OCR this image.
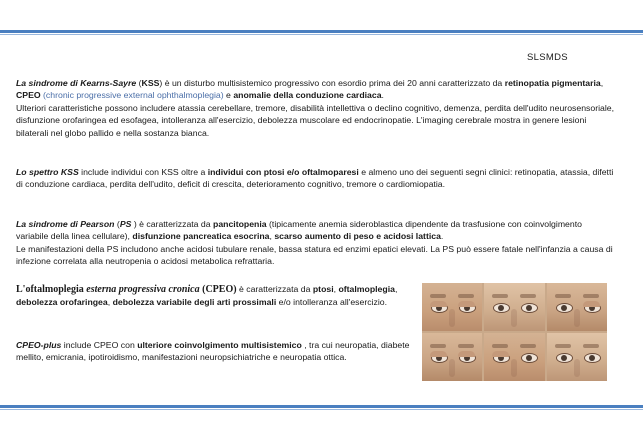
SLSMDS
La sindrome di Kearns-Sayre (KSS) è un disturbo multisistemico progressivo con esordio prima dei 20 anni caratterizzato da retinopatia pigmentaria, CPEO (chronic progressive external ophthalmoplegia) e anomalie della conduzione cardiaca.
Ulteriori caratteristiche possono includere atassia cerebellare, tremore, disabilità intellettiva o declino cognitivo, demenza, perdita dell'udito neurosensoriale, disfunzione orofaringea ed esofagea, intolleranza all'esercizio, debolezza muscolare ed endocrinopatie. L'imaging cerebrale mostra in genere lesioni bilaterali nel globo pallido e nella sostanza bianca.
Lo spettro KSS include individui con KSS oltre a individui con ptosi e/o oftalmoparesi e almeno uno dei seguenti segni clinici: retinopatia, atassia, difetti di conduzione cardiaca, perdita dell'udito, deficit di crescita, deterioramento cognitivo, tremore o cardiomiopatia.
La sindrome di Pearson (PS ) è caratterizzata da pancitopenia (tipicamente anemia sideroblastica dipendente da trasfusione con coinvolgimento variabile della linea cellulare), disfunzione pancreatica esocrina, scarso aumento di peso e acidosi lattica.
Le manifestazioni della PS includono anche acidosi tubulare renale, bassa statura ed enzimi epatici elevati. La PS può essere fatale nell'infanzia a causa di infezione correlata alla neutropenia o acidosi metabolica refrattaria.
L'oftalmoplegia esterna progressiva cronica (CPEO) è caratterizzata da ptosi, oftalmoplegia, debolezza orofaringea, debolezza variabile degli arti prossimali e/o intolleranza all'esercizio.
CPEO-plus include CPEO con ulteriore coinvolgimento multisistemico , tra cui neuropatia, diabete mellito, emicrania, ipotiroidismo, manifestazioni neuropsichiatriche e neuropatia ottica.
